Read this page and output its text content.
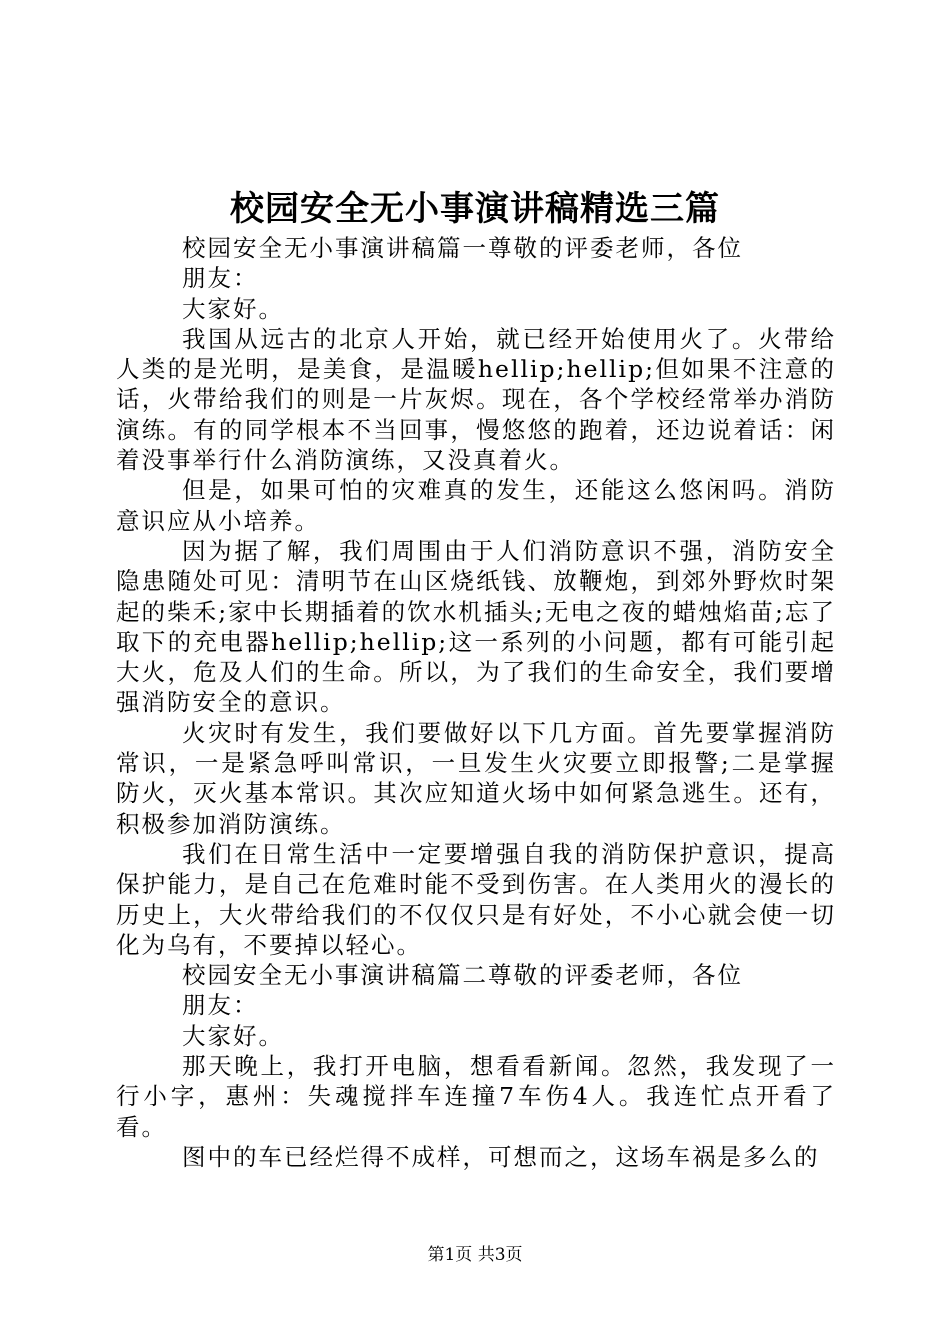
校园安全无小事演讲稿精选三篇

校园安全无小事演讲稿篇一尊敬的评委老师，各位

朋友：

大家好。

我国从远古的北京人开始，就已经开始使用火了。火带给人类的是光明，是美食，是温暖hellip;hellip;但如果不注意的话，火带给我们的则是一片灰烬。现在，各个学校经常举办消防演练。有的同学根本不当回事，慢悠悠的跑着，还边说着话：闲着没事举行什么消防演练，又没真着火。

但是，如果可怕的灾难真的发生，还能这么悠闲吗。消防意识应从小培养。

因为据了解，我们周围由于人们消防意识不强，消防安全隐患随处可见：清明节在山区烧纸钱、放鞭炮，到郊外野炊时架起的柴禾;家中长期插着的饮水机插头;无电之夜的蜡烛焰苗;忘了取下的充电器hellip;hellip;这一系列的小问题，都有可能引起大火，危及人们的生命。所以，为了我们的生命安全，我们要增强消防安全的意识。

火灾时有发生，我们要做好以下几方面。首先要掌握消防常识，一是紧急呼叫常识，一旦发生火灾要立即报警;二是掌握防火，灭火基本常识。其次应知道火场中如何紧急逃生。还有，积极参加消防演练。

我们在日常生活中一定要增强自我的消防保护意识，提高保护能力，是自己在危难时能不受到伤害。在人类用火的漫长的历史上，大火带给我们的不仅仅只是有好处，不小心就会使一切化为乌有，不要掉以轻心。

校园安全无小事演讲稿篇二尊敬的评委老师，各位

朋友：

大家好。

那天晚上，我打开电脑，想看看新闻。忽然，我发现了一行小字，惠州：失魂搅拌车连撞7车伤4人。我连忙点开看了看。

图中的车已经烂得不成样，可想而之，这场车祸是多么的

第1页 共3页
